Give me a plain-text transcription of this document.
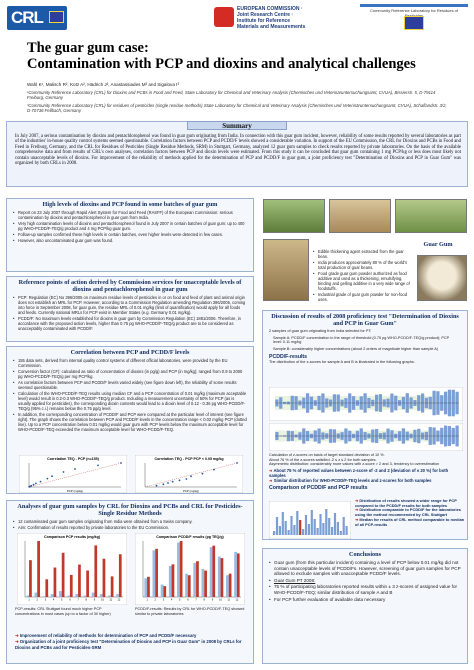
CRL	EUROPEAN COMMISSION · Joint Research Centre · Institute for Reference Materials and Measurements
Community Reference Laboratory for Residues of
The guar gum case:
Contamination with PCP and dioxins and analytical challenges
Wahl K¹, Malisch R², Kotz A², Hädrich J², Anastassiades M³ and Sigalova I³
¹Community Reference Laboratory (CRL) for Dioxins and PCBs in Food and Feed, State Laboratory for Chemical and Veterinary Analysis (Chemisches und Veterinäruntersuchungsamt, CVUA), Bissierstr. 5, D-79114 Freiburg, Germany
³Community Reference Laboratory (CRL) for residues of pesticides (single residue methods) State Laboratory for Chemical and Veterinary Analysis (Chemisches und Veterinäruntersuchungsamt, CVUA), Schaflandstr. 3/2, D-70736 Fellbach, Germany
Summary
In July 2007, a serious contamination by dioxins and pentachlorophenol was found in guar gum originating from India. In connection with this guar gum incident, however, reliability of some results reported by several laboratories as part of the industries' in-house quality control systems seemed questionable. Correlation factors between PCP and PCDD/F levels showed a considerable variation. In support of the EU Commission, the CRL for Dioxins and PCBs in Food and Feed in Freiburg, Germany, and the CRL for Residues of Pesticides (Single Residue Methods, SRM) in Stuttgart, Germany, analyzed 12 guar gum samples to check results reported by private laboratories. On the basis of the available comprehensive data and from results of CRL's own analyses, correlation factors between PCP and dioxin levels were estimated. From this study it can be concluded that guar gum containing 1 mg PCP/kg or less does most likely not contain unacceptable levels of dioxins. For improvement of the reliability of methods applied for the determination of PCP and PCDD/F in guar gum, a joint proficiency test "Determination of Dioxins and PCP in Guar Gum" was organized by both CRLs in 2008.
High levels of dioxins and PCP found in some batches of guar gum
• Report on 23 July 2007 through Rapid Alert System for Food and Feed (RASFF) of the European Commission: serious contamination by dioxins and pentachlorophenol in guar gum from India.
• Very high contamination levels of dioxins and pentachlorophenol found in July 2007 in certain batches of guar gum: up to 400 pg WHO-PCDD/F-TEQ/g product and 4 mg PCP/kg guar gum.
• Follow-up samples confirmed these high levels in certain batches, even higher levels were detected in few cases.
• However, also uncontaminated guar gum was found.
Reference points of action derived by Commission services for unacceptable levels of dioxins and pentachlorophenol in guar gum
• PCP: Regulation (EC) No 396/2005 on maximum residue levels of pesticides in or on food and feed of plant and animal origin does not establish an MRL for PCP. However, according to a Commission Regulation amending Regulation 396/2005, coming into force in September 2008, for guar gum, the residue MRL of 0.01 mg/kg (limit of quantification) would apply for all foods and feeds. Currently national MRLs for PCP exist in Member States (e.g. Germany 0.01 mg/kg).
• PCDD/F: No maximum levels established for dioxins in guar gum by Commission Regulation (EC) 1881/2006. Therefore, in accordance with the proposed action levels, higher than 0.75 pg WHO-PCDD/F-TEQ/g product are to be considered as unacceptably contaminated with PCDD/F.
Correlation between PCP and PCDD/F levels
• 155 data sets, derived from internal quality control systems of different official laboratories, were provided by the EU Commission.
• Conversion factor (CF): calculated as ratio of concentration of dioxins (in pg/g) and PCP (in mg/kg); ranged from 0.9 to 2000 pg WHO-PCDD/F-TEQ/g per mg PCP/kg.
• As correlation factors between PCP and PCDD/F levels varied widely (see figure down left), the reliability of some results seemed questionable.
• Calculation of the WHO-PCDD/F-TEQ results using median CF and a PCP concentration of 0.01 mg/kg (maximum acceptable level) would result in 0.2-0.3 WHO-PCDD/F-TEQ/g product. Including a measurement uncertainty of 50% for PCP (as is usually applied for pesticides), the corresponding dioxin contents would lead to a dioxin level of 0.12 - 0.36 pg WHO-PCDD/F-TEQ/g (95% c.i.) remains below the 0.75 pg/g level.
• In addition, the corresponding concentration of PCDD/F and PCP were compared at the particular level of interest (see figure right). The graph shows the correlation between PCP and PCDD/F levels in the concentration range < 0.02 mg/kg PCP (dotted line). Up to a PCP concentration below 0.01 mg/kg would guar gum with PCP levels below the maximum acceptable level for WHO-PCDD/F-TEQ exceeded the maximum acceptable level for WHO-PCDD/F-TEQ.
Correlation TEQ - PCP (n=155)
PCP (mg/kg)
Correlation TEQ - PCP PCP < 0.05 mg/kg
PCP (mg/kg)
Analyses of guar gum samples by CRL for Dioxins and PCBs and CRL for Pesticides-Single Residue Methods
• 12 contaminated guar gum samples originating from India were obtained from a Swiss company.
• Aim: Confirmation of results reported by private laboratories to the EU Commission.
Comparison PCP results (mg/kg)
1	2	3	4	5	6	7	8	9 10 11 12
Comparison PCDD/F results (pg TEQ/g)
1	2	3	4	5	6	7	8	9 10 11 12
PCP-results: CRL Stuttgart found much higher PCP concentrations in most cases (up to a factor of 30 higher)
PCDD/F-results: Results by CRL for WHO-PCDD/F-TEQ showed similar to private laboratories
➜ Improvement of reliability of methods for determination of PCP and PCDD/F necessary
➜ Organization of a joint proficiency test "Determination of Dioxins and PCP in Guar Gum" in 2008 by CRLs for Dioxins and PCBs and for Pesticides-SRM
Guar Gum
• Edible thickening agent extracted from the guar bean.
• India produces approximately 80 % of the world's total production of guar beans.
• Food grade guar gum powder authorized as food additive and used as a thickening, emulsifying, binding and gelling additive in a very wide range of foodstuffs.
• Industrial grade of guar gum powder for non-food uses.
Discussion of results of 2008 proficiency test "Determination of Dioxins and PCP in Guar Gum"
2 samples of guar gum originating from India selected for PT:
Sample A: PCDD/F concentration in the range of threshold (0.75 pg WHO-PCDD/F-TEQ/g product); PCP level: 0.11 mg/kg
Sample B: considerably higher concentrations (about 2 orders of magnitude higher than sample A)
PCDD/F-results
The distribution of the z-scores for sample A and B is illustrated in the following graphs.
Calculation of z-scores on basis of target standard deviation of 10 %.
About 76 % of the z-scores satisfied -2 ≤ z ≤ 2 for both samples.
Asymmetric distribution: considerably more values with z-score > 2 and 3, tendency to overestimation
➜ About 75 % of reported values between z-score of -2 and 2 (deviation of ± 20 %) for both samples
➜ Similar distribution for WHO-PCDD/F-TEQ levels and z-scores for both samples
Comparison of PCDD/F and PCP results
➜ Distribution of results showed a wider range for PCP compared to the PCDD/F results for both samples
➜ Distribution comparable to PCDD/F for the laboratories using the method recommended by CRL Stuttgart
➜ Median for results of CRL method comparable to median of all PCP-results
Conclusions
• Guar gum (from this particular incident) containing a level of PCP below 0.01 mg/kg did not contain unacceptable levels of PCDD/Fs. However, screening of guar gum samples for PCP allowed to exclude samples with unacceptable PCDD/F levels.
• Guar Gum PT 2008:
• 75 % of participating laboratories reported results within ± 3 z-scores of assigned value for WHO-PCDD/F-TEQ; similar distribution of sample A and B
• For PCP further evaluation of available data necessary
